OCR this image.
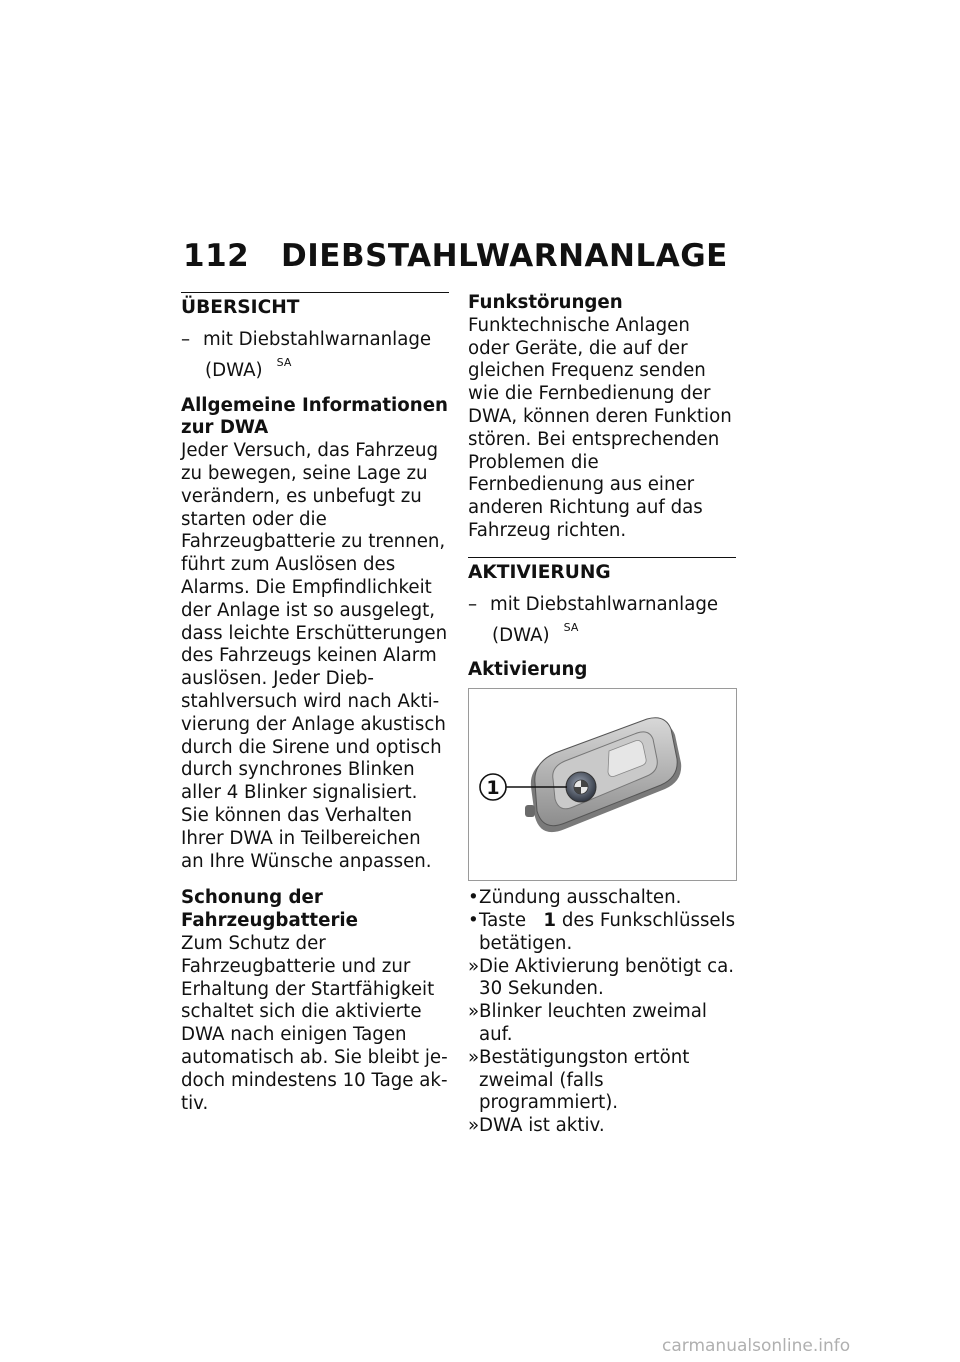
112 DIEBSTAHLWARNANLAGE
ÜBERSICHT
– mit Diebstahlwarnanlage (DWA) $^{SA}$
Allgemeine Informationen zur DWA
Jeder Versuch, das Fahrzeug zu bewegen, seine Lage zu verändern, es unbefugt zu starten oder die Fahrzeugbatterie zu trennen, führt zum Auslösen des Alarms. Die Empfindlichkeit der Anlage ist so ausgelegt, dass leichte Erschütterungen des Fahrzeugs keinen Alarm auslösen. Jeder Diebstahlversuch wird nach Aktivierung der Anlage akustisch durch die Sirene und optisch durch synchrones Blinken aller 4 Blinker signalisiert.
Sie können das Verhalten Ihrer DWA in Teilbereichen an Ihre Wünsche anpassen.
Schonung der Fahrzeugbatterie
Zum Schutz der Fahrzeugbatterie und zur Erhaltung der Startfähigkeit schaltet sich die aktivierte DWA nach einigen Tagen automatisch ab. Sie bleibt jedoch mindestens 10 Tage aktiv.
Funkstörungen
Funktechnische Anlagen oder Geräte, die auf der gleichen Frequenz senden wie die Fernbedienung der DWA, können deren Funktion stören. Bei entsprechenden Problemen die Fernbedienung aus einer anderen Richtung auf das Fahrzeug richten.
AKTIVIERUNG
– mit Diebstahlwarnanlage (DWA) $^{SA}$
Aktivierung
1
• Zündung ausschalten.
• Taste 1 des Funkschlüssels betätigen.
» Die Aktivierung benötigt ca. 30 Sekunden.
» Blinker leuchten zweimal auf.
» Bestätigungston ertönt zweimal (falls programmiert).
» DWA ist aktiv.
carmanualsonline.info
